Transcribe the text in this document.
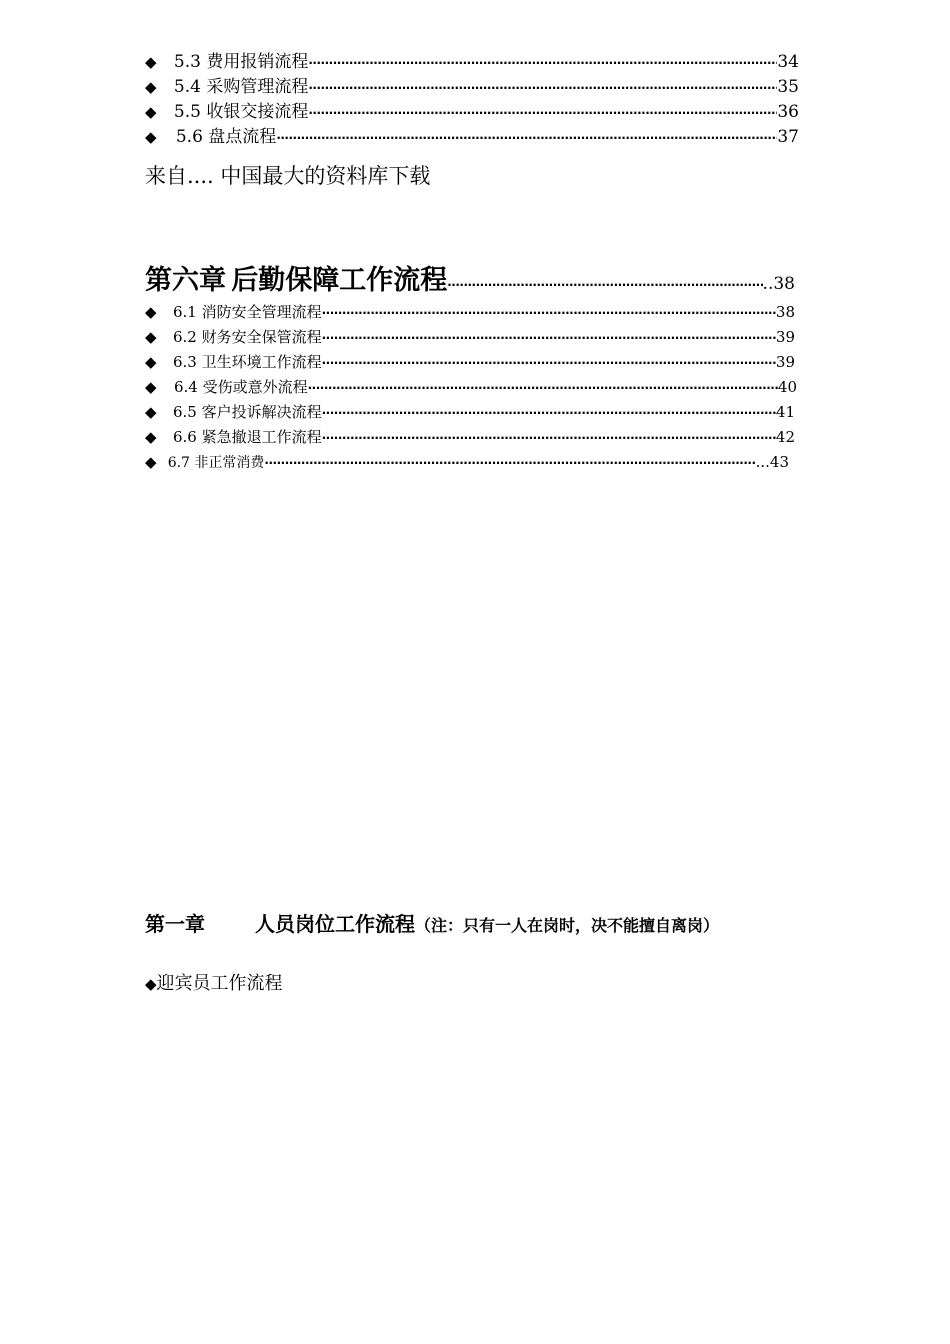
◆	5.3 费用报销流程 ·····	34
◆	5.4 采购管理流程 ·····	35
◆	5.5 收银交接流程 ·····	36
◆	5.6 盘点流程 ·····	37
来自.... 中国最大的资料库下载
第六章 后勤保障工作流程 ·····	..38
◆	6.1 消防安全管理流程 ·····	38
◆	6.2 财务安全保管流程 ·····	39
◆	6.3 卫生环境工作流程 ·····	39
◆	6.4 受伤或意外流程 ·····	40
◆	6.5 客户投诉解决流程 ·····	41
◆	6.6 紧急撤退工作流程 ·····	42
◆ 6.7 非正常消费 ·····	...43
第一章	人员岗位工作流程 （注：只有一人在岗时，决不能擅自离岗）
◆迎宾员工作流程
